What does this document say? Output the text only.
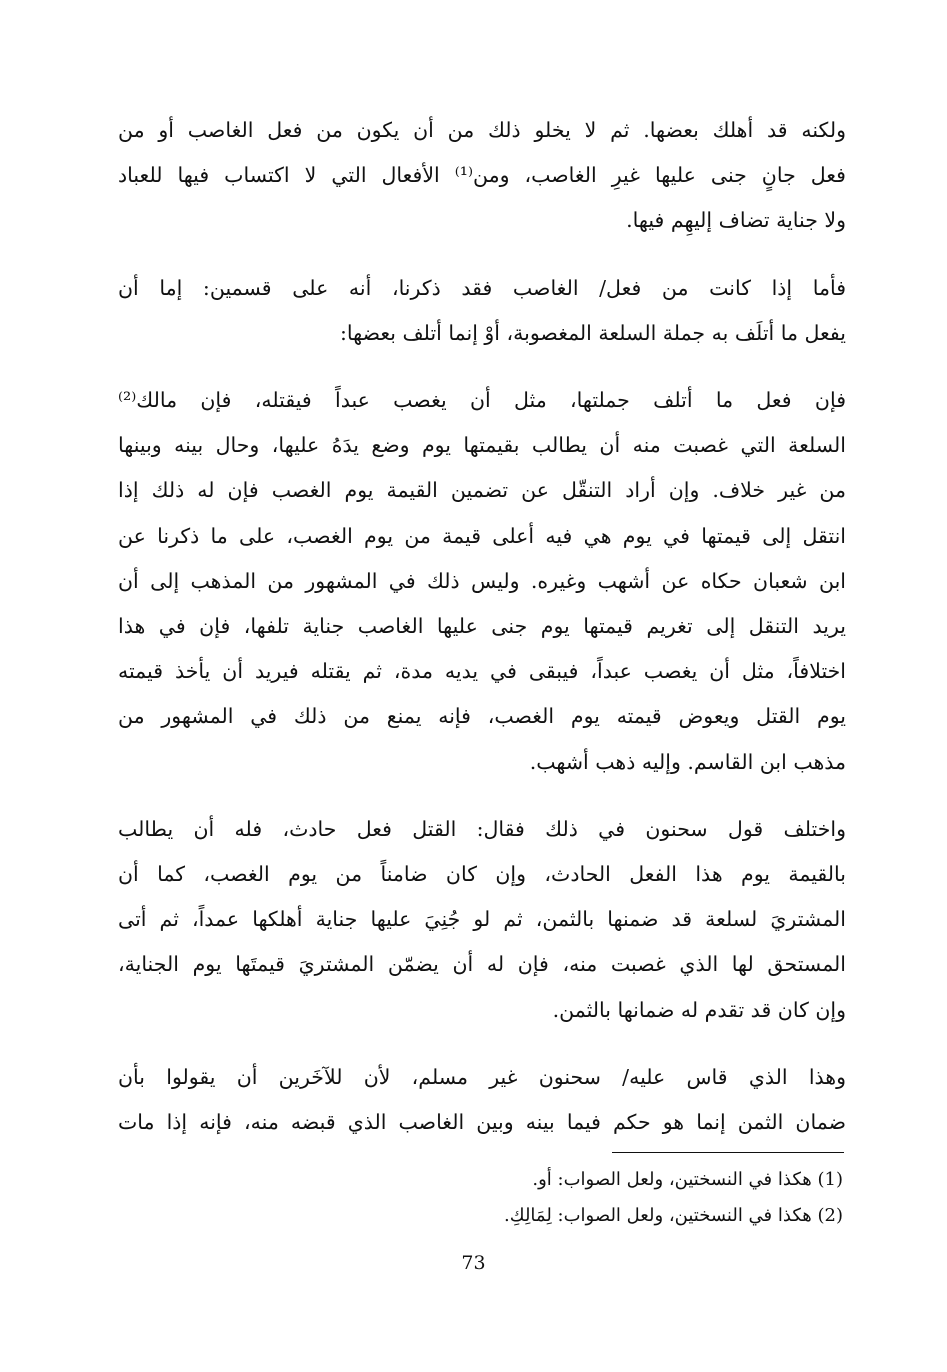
ولكنه قد أهلك بعضها. ثم لا يخلو ذلك من أن يكون من فعل الغاصب أو من
فعل جانٍ جنى عليها غيرِ الغاصب، ومن⁽¹⁾ الأفعال التي لا اكتساب فيها للعباد
ولا جناية تضاف إليهِم فيها.
فأما إذا كانت من فعل/ الغاصب فقد ذكرنا، أنه على قسمين: إما أن
يفعل ما أتلَف به جملة السلعة المغصوبة، أوْ إنما أتلف بعضها:
فإن فعل ما أتلف جملتها، مثل أن يغصب عبداً فيقتله، فإن مالك⁽²⁾
السلعة التي غصبت منه أن يطالب بقيمتها يوم وضع يدَهُ عليها، وحال بينه وبينها
من غير خلاف. وإن أراد التنقّل عن تضمين القيمة يوم الغصب فإن له ذلك إذا
انتقل إلى قيمتها في يوم هي فيه أعلى قيمة من يوم الغصب، على ما ذكرنا عن
ابن شعبان حكاه عن أشهب وغيره. وليس ذلك في المشهور من المذهب إلى أن
يريد التنقل إلى تغريم قيمتها يوم جنى عليها الغاصب جناية تلفها، فإن في هذا
اختلافاً، مثل أن يغصب عبداً، فيبقى في يديه مدة، ثم يقتله فيريد أن يأخذ قيمته
يوم القتل ويعوض قيمته يوم الغصب، فإنه يمنع من ذلك في المشهور من
مذهب ابن القاسم. وإليه ذهب أشهب.
واختلف قول سحنون في ذلك فقال: القتل فعل حادث، فله أن يطالب
بالقيمة يوم هذا الفعل الحادث، وإن كان ضامناً من يوم الغصب، كما أن
المشتريَ لسلعة قد ضمنها بالثمن، ثم لو جُنِيَ عليها جناية أهلكها عمداً، ثم أتى
المستحق لها الذي غصبت منه، فإن له أن يضمّن المشتريَ قيمتَها يوم الجناية،
وإن كان قد تقدم له ضمانها بالثمن.
وهذا الذي قاس عليه/ سحنون غير مسلم، لأن للآخَرين أن يقولوا بأن
ضمان الثمن إنما هو حكم فيما بينه وبين الغاصب الذي قبضه منه، فإنه إذا مات
(1) هكذا في النسختين، ولعل الصواب: أو.
(2) هكذا في النسختين، ولعل الصواب: لِمَالِكِ.
73
